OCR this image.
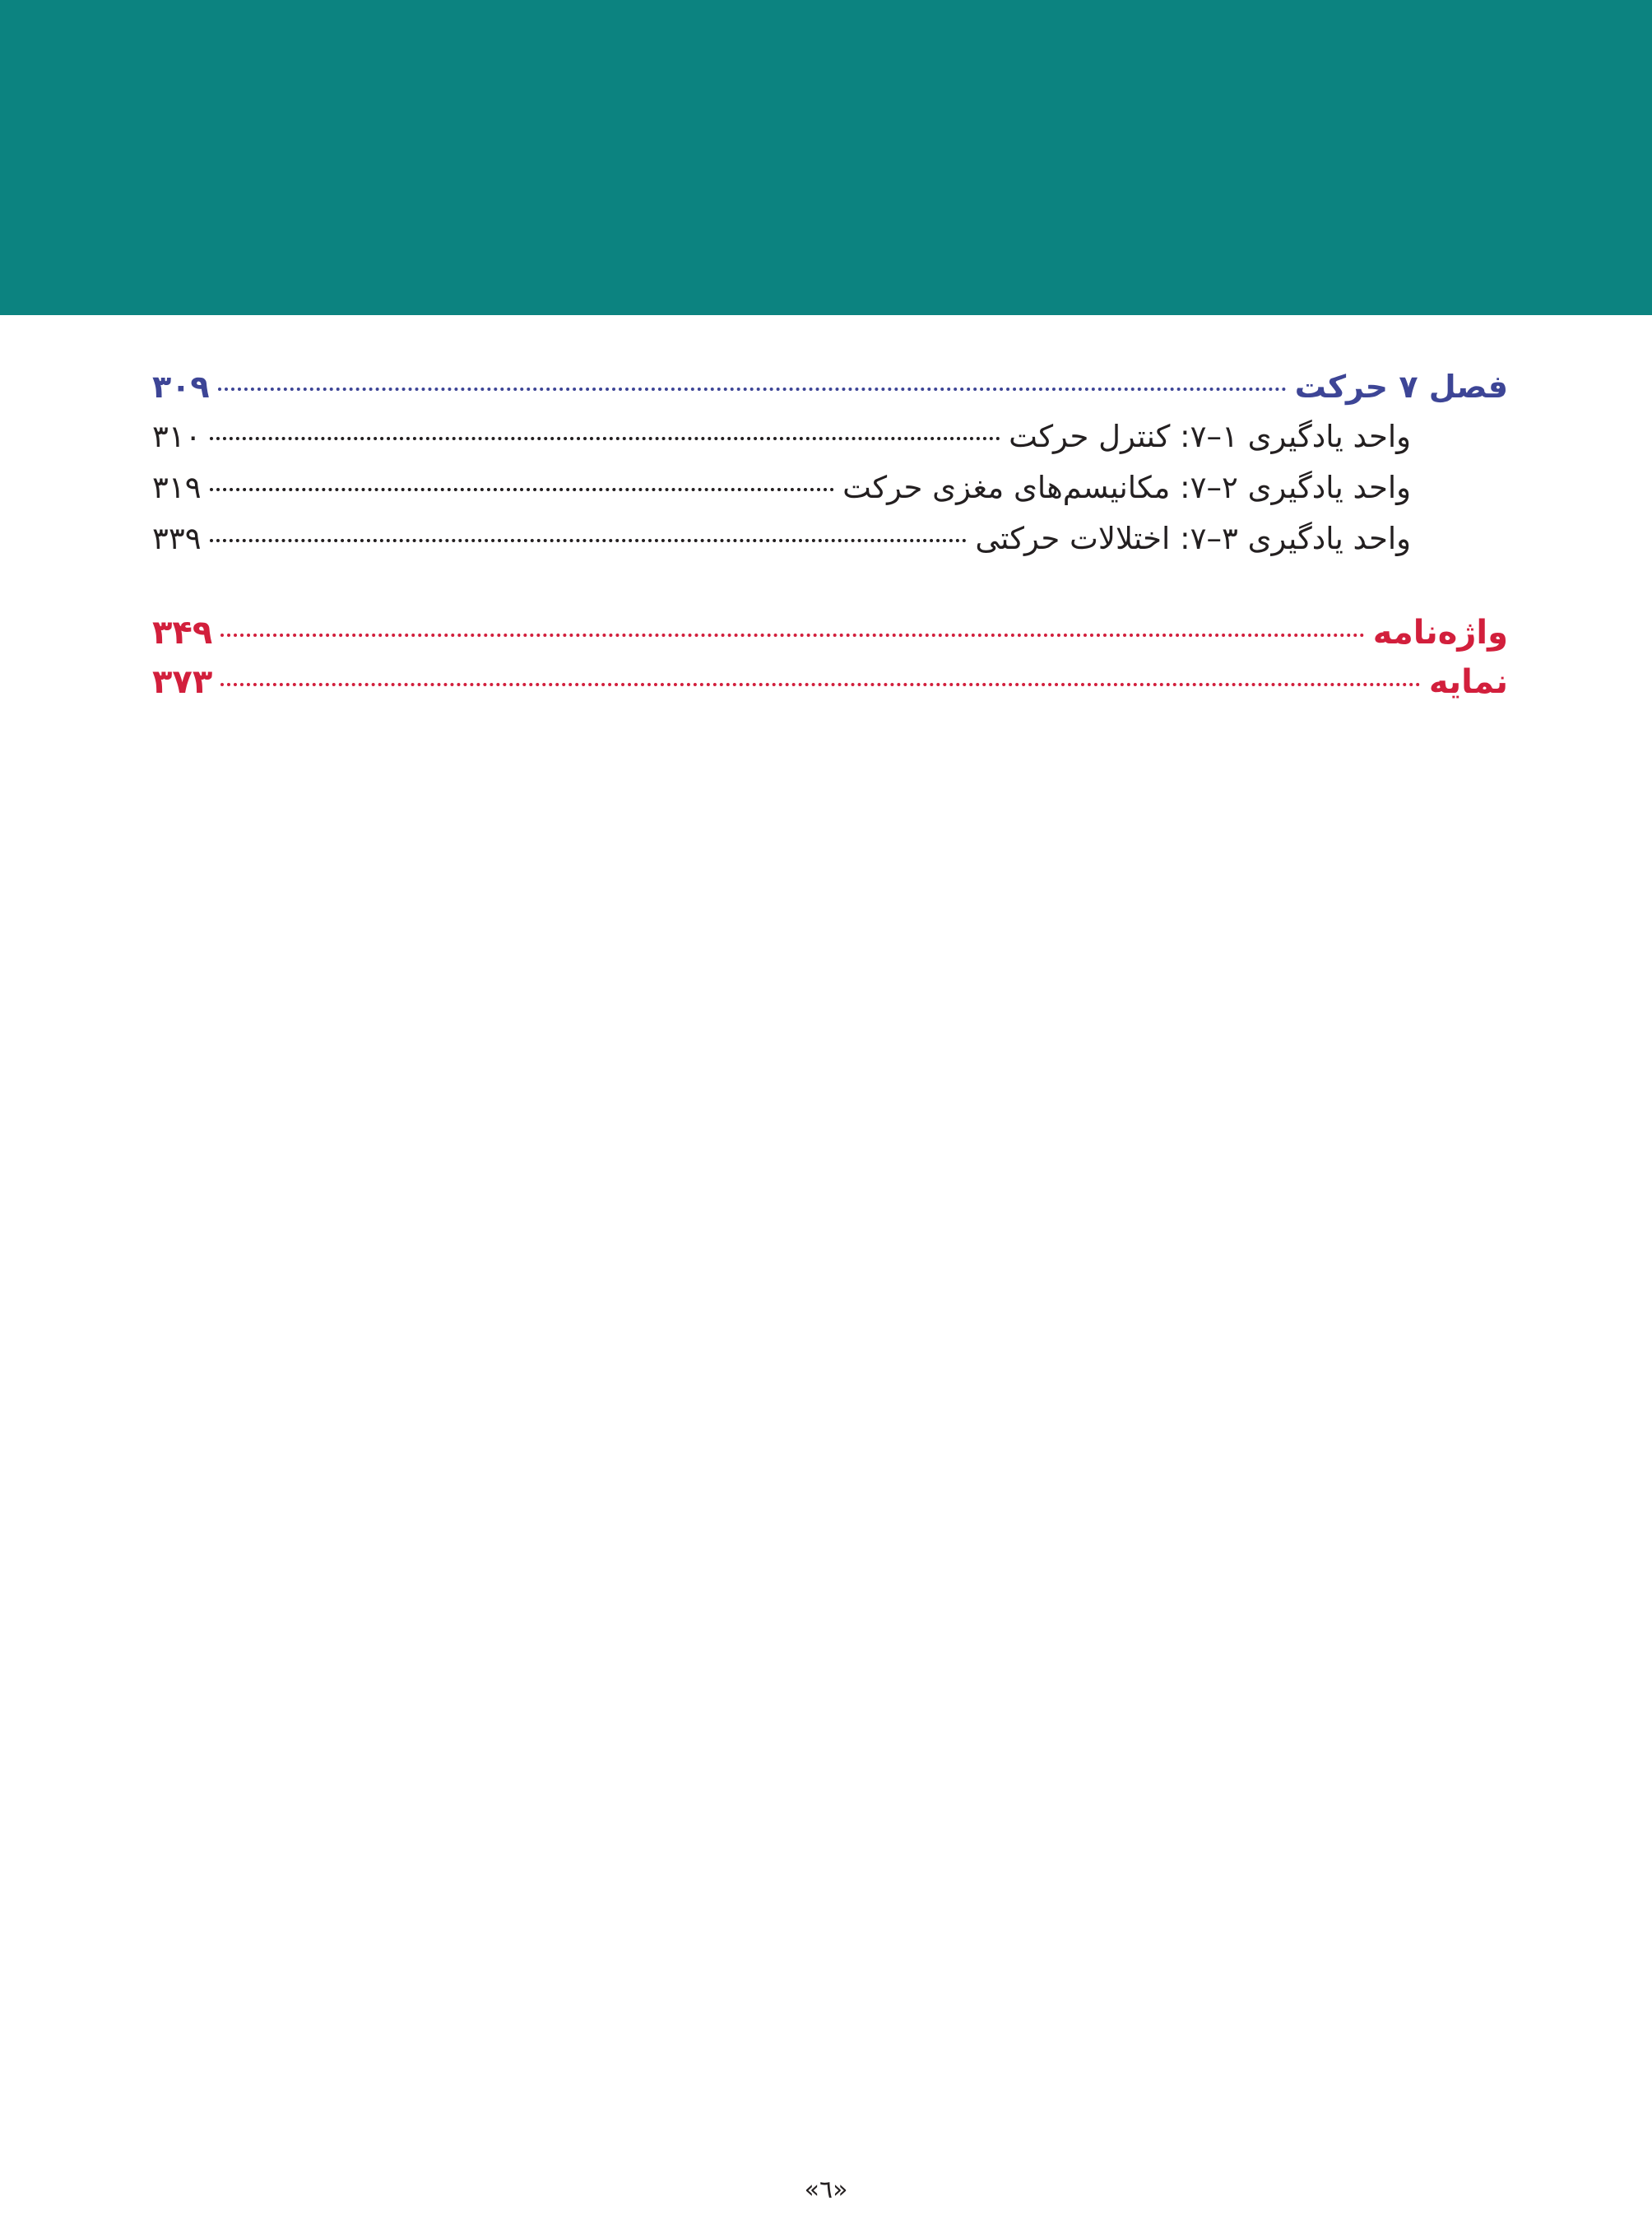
فصل ۷ حرکت
۳۰۹
واحد یادگیری ۱–۷: کنترل حرکت
۳۱۰
واحد یادگیری ۲–۷: مکانیسم‌های مغزی حرکت
۳۱۹
واحد یادگیری ۳–۷: اختلالات حرکتی
۳۳۹
واژه‌نامه
۳۴۹
نمایه
۳۷۳
«٦»
